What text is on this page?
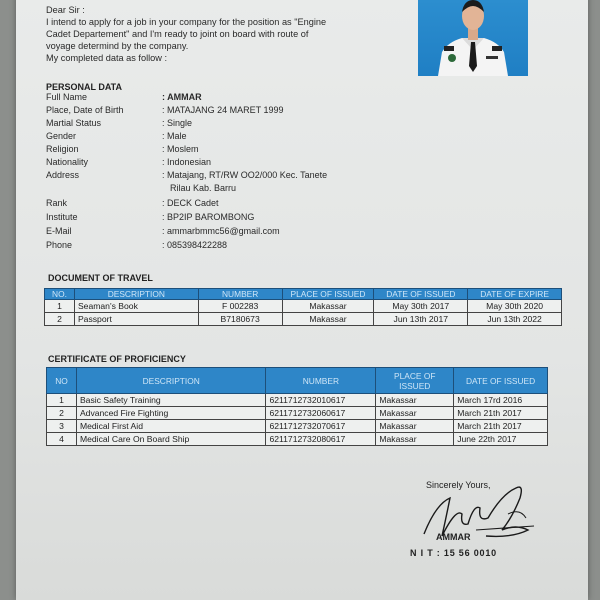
Dear Sir :
I intend to apply for a job in your company for the position as "Engine
Cadet Departement" and I'm ready to joint on board with route of
voyage determind by the company.
My completed data as follow :
PERSONAL DATA
Full Name	: AMMAR
Place, Date of Birth	: MATAJANG 24 MARET 1999
Martial Status	: Single
Gender	: Male
Religion	: Moslem
Nationality	: Indonesian
Address	: Matajang, RT/RW OO2/000 Kec. Tanete
Rilau Kab. Barru
Rank	: DECK Cadet
Institute	: BP2IP BAROMBONG
E-Mail	: ammarbmmc56@gmail.com
Phone	: 085398422288
DOCUMENT OF TRAVEL
NO.	DESCRIPTION	NUMBER	PLACE OF ISSUED	DATE OF ISSUED	DATE OF EXPIRE
1	Seaman's Book	F 002283	Makassar	May 30th 2017	May 30th 2020
2	Passport	B7180673	Makassar	Jun 13th 2017	Jun 13th 2022
CERTIFICATE OF PROFICIENCY
NO	DESCRIPTION	NUMBER	PLACE OF ISSUED	DATE OF ISSUED
1	Basic Safety Training	6211712732010617	Makassar	March 17rd 2016
2	Advanced Fire Fighting	6211712732060617	Makassar	March 21th 2017
3	Medical First Aid	6211712732070617	Makassar	March 21th 2017
4	Medical Care On Board Ship	6211712732080617	Makassar	June 22th 2017
Sincerely Yours,
AMMAR
N I T : 15 56 0010
